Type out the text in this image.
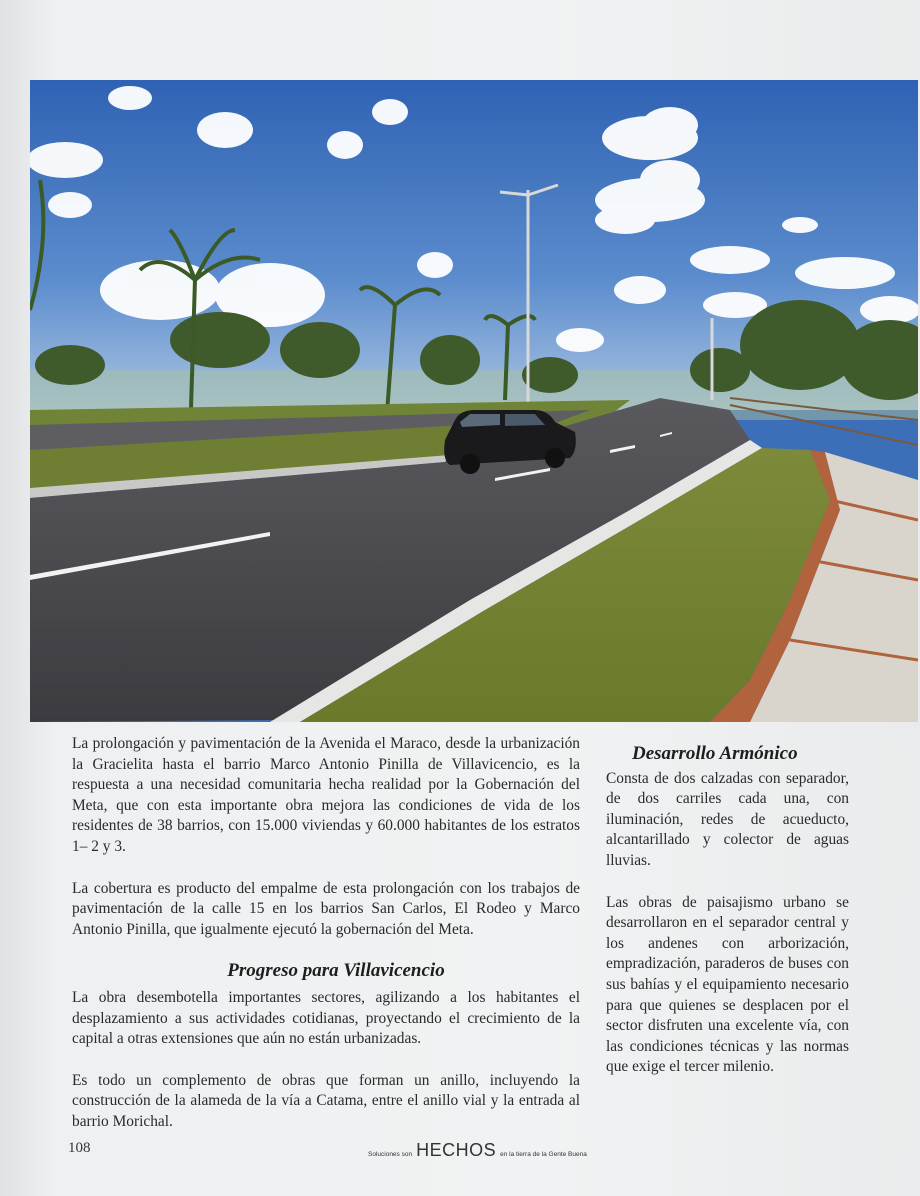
La prolongación y pavimentación de la Avenida el Maraco, desde la urbanización la Gracielita hasta el barrio Marco Antonio Pinilla de Villavicencio, es la respuesta a una necesidad comunitaria hecha realidad por la Gobernación del Meta, que con esta importante obra mejora las condiciones de vida de los residentes de 38 barrios, con 15.000 viviendas y 60.000 habitantes de los estratos 1– 2 y 3.

La cobertura es producto del empalme de esta prolongación con los trabajos de pavimentación de la calle 15 en los barrios San Carlos, El Rodeo y Marco Antonio Pinilla, que igualmente ejecutó la gobernación del Meta.

Progreso para Villavicencio

La obra desembotella importantes sectores, agilizando a los habitantes el desplazamiento a sus actividades cotidianas, proyectando el crecimiento de la capital a otras extensiones que aún no están urbanizadas.

Es todo un complemento de obras que forman un anillo, incluyendo la construcción de la alameda de la vía a Catama, entre el anillo vial y la entrada al barrio Morichal.

Desarrollo Armónico

Consta de dos calzadas con separador, de dos carriles cada una, con iluminación, redes de acueducto, alcantarillado y colector de aguas lluvias.

Las obras de paisajismo urbano se desarrollaron en el separador central y los andenes con arborización, empradización, paraderos de buses con sus bahías y el equipamiento necesario para que quienes se desplacen por el sector disfruten una excelente vía, con las condiciones técnicas y las normas que exige el tercer milenio.

108	Soluciones son HECHOS en la tierra de la Gente Buena
